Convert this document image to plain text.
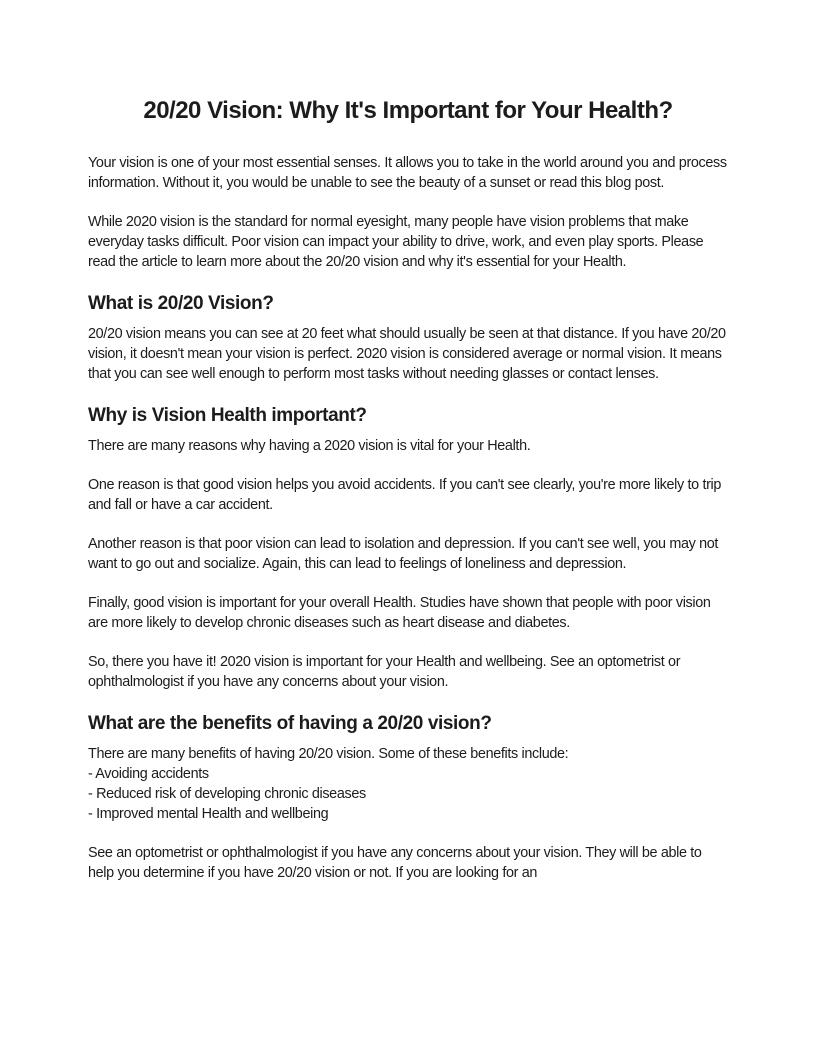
20/20 Vision: Why It's Important for Your Health?

Your vision is one of your most essential senses. It allows you to take in the world around you and process information. Without it, you would be unable to see the beauty of a sunset or read this blog post.

While 2020 vision is the standard for normal eyesight, many people have vision problems that make everyday tasks difficult. Poor vision can impact your ability to drive, work, and even play sports. Please read the article to learn more about the 20/20 vision and why it's essential for your Health.

What is 20/20 Vision?

20/20 vision means you can see at 20 feet what should usually be seen at that distance. If you have 20/20 vision, it doesn't mean your vision is perfect. 2020 vision is considered average or normal vision. It means that you can see well enough to perform most tasks without needing glasses or contact lenses.

Why is Vision Health important?

There are many reasons why having a 2020 vision is vital for your Health.

One reason is that good vision helps you avoid accidents. If you can't see clearly, you're more likely to trip and fall or have a car accident.

Another reason is that poor vision can lead to isolation and depression. If you can't see well, you may not want to go out and socialize. Again, this can lead to feelings of loneliness and depression.

Finally, good vision is important for your overall Health. Studies have shown that people with poor vision are more likely to develop chronic diseases such as heart disease and diabetes.

So, there you have it! 2020 vision is important for your Health and wellbeing. See an optometrist or ophthalmologist if you have any concerns about your vision.

What are the benefits of having a 20/20 vision?

There are many benefits of having 20/20 vision. Some of these benefits include:

- Avoiding accidents

- Reduced risk of developing chronic diseases

- Improved mental Health and wellbeing

See an optometrist or ophthalmologist if you have any concerns about your vision. They will be able to help you determine if you have 20/20 vision or not. If you are looking for an
